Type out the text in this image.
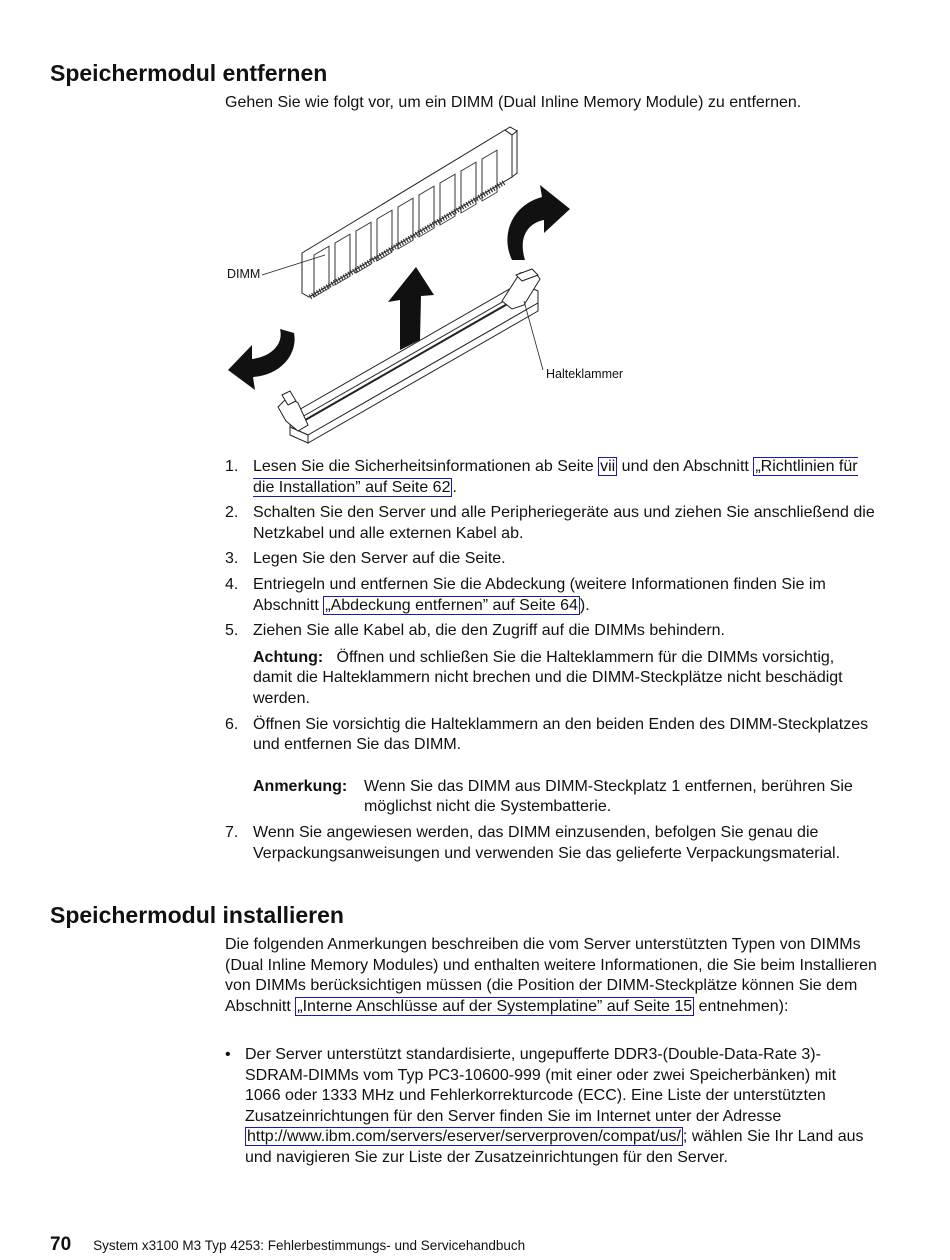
Speichermodul entfernen
Gehen Sie wie folgt vor, um ein DIMM (Dual Inline Memory Module) zu entfernen.
DIMM
Halteklammer
1. Lesen Sie die Sicherheitsinformationen ab Seite vii und den Abschnitt „Richtlinien für die Installation” auf Seite 62 .
2. Schalten Sie den Server und alle Peripheriegeräte aus und ziehen Sie anschließend die Netzkabel und alle externen Kabel ab.
3. Legen Sie den Server auf die Seite.
4. Entriegeln und entfernen Sie die Abdeckung (weitere Informationen finden Sie im Abschnitt „Abdeckung entfernen” auf Seite 64 ).
5. Ziehen Sie alle Kabel ab, die den Zugriff auf die DIMMs behindern.
Achtung: Öffnen und schließen Sie die Halteklammern für die DIMMs vorsichtig, damit die Halteklammern nicht brechen und die DIMM-Steckplätze nicht beschädigt werden.
6. Öffnen Sie vorsichtig die Halteklammern an den beiden Enden des DIMM-Steckplatzes und entfernen Sie das DIMM.
Anmerkung:	Wenn Sie das DIMM aus DIMM-Steckplatz 1 entfernen, berühren Sie möglichst nicht die Systembatterie.
7. Wenn Sie angewiesen werden, das DIMM einzusenden, befolgen Sie genau die Verpackungsanweisungen und verwenden Sie das gelieferte Verpackungsmaterial.
Speichermodul installieren
Die folgenden Anmerkungen beschreiben die vom Server unterstützten Typen von DIMMs (Dual Inline Memory Modules) und enthalten weitere Informationen, die Sie beim Installieren von DIMMs berücksichtigen müssen (die Position der DIMM-Steckplätze können Sie dem Abschnitt „Interne Anschlüsse auf der Systemplatine” auf Seite 15 entnehmen):
• Der Server unterstützt standardisierte, ungepufferte DDR3-(Double-Data-Rate 3)-SDRAM-DIMMs vom Typ PC3-10600-999 (mit einer oder zwei Speicherbänken) mit 1066 oder 1333 MHz und Fehlerkorrekturcode (ECC). Eine Liste der unterstützten Zusatzeinrichtungen für den Server finden Sie im Internet unter der Adresse http://www.ibm.com/servers/eserver/serverproven/compat/us/ ; wählen Sie Ihr Land aus und navigieren Sie zur Liste der Zusatzeinrichtungen für den Server.
70 System x3100 M3 Typ 4253: Fehlerbestimmungs- und Servicehandbuch
